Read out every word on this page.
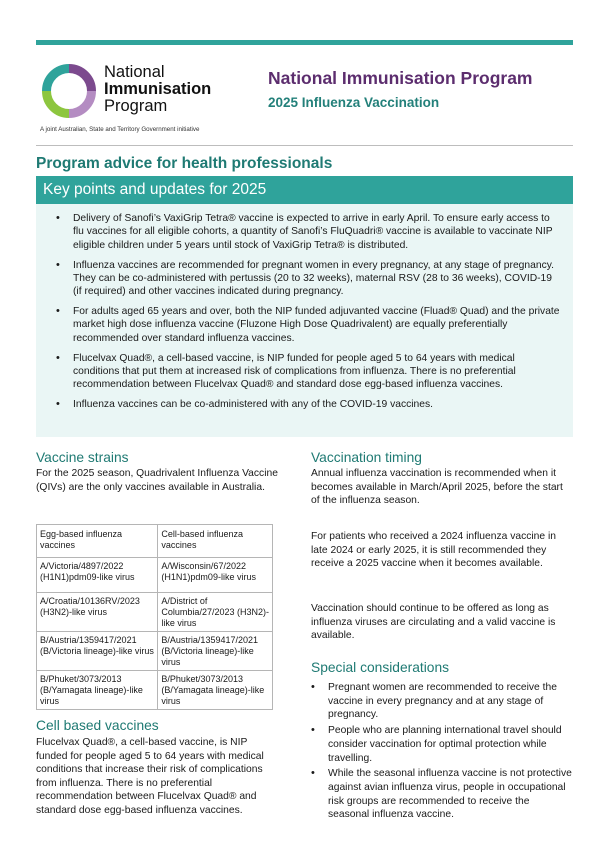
National
Immunisation
Program
A joint Australian, State and Territory Government initiative
National Immunisation Program
2025 Influenza Vaccination
Program advice for health professionals
Key points and updates for 2025
• Delivery of Sanofi’s VaxiGrip Tetra® vaccine is expected to arrive in early April. To ensure early access to flu vaccines for all eligible cohorts, a quantity of Sanofi’s FluQuadri® vaccine is available to vaccinate NIP eligible children under 5 years until stock of VaxiGrip Tetra® is distributed.
• Influenza vaccines are recommended for pregnant women in every pregnancy, at any stage of pregnancy. They can be co-administered with pertussis (20 to 32 weeks), maternal RSV (28 to 36 weeks), COVID-19 (if required) and other vaccines indicated during pregnancy.
• For adults aged 65 years and over, both the NIP funded adjuvanted vaccine (Fluad® Quad) and the private market high dose influenza vaccine (Fluzone High Dose Quadrivalent) are equally preferentially recommended over standard influenza vaccines.
• Flucelvax Quad®, a cell-based vaccine, is NIP funded for people aged 5 to 64 years with medical conditions that put them at increased risk of complications from influenza. There is no preferential recommendation between Flucelvax Quad® and standard dose egg-based influenza vaccines.
• Influenza vaccines can be co-administered with any of the COVID-19 vaccines.
Vaccine strains
For the 2025 season, Quadrivalent Influenza Vaccine (QIVs) are the only vaccines available in Australia.
Egg-based influenza vaccines	Cell-based influenza vaccines
A/Victoria/4897/2022 (H1N1)pdm09-like virus	A/Wisconsin/67/2022 (H1N1)pdm09-like virus
A/Croatia/10136RV/2023 (H3N2)-like virus	A/District of Columbia/27/2023 (H3N2)-like virus
B/Austria/1359417/2021 (B/Victoria lineage)-like virus	B/Austria/1359417/2021 (B/Victoria lineage)-like virus
B/Phuket/3073/2013 (B/Yamagata lineage)-like virus	B/Phuket/3073/2013 (B/Yamagata lineage)-like virus
Cell based vaccines
Flucelvax Quad®, a cell-based vaccine, is NIP funded for people aged 5 to 64 years with medical conditions that increase their risk of complications from influenza. There is no preferential recommendation between Flucelvax Quad® and standard dose egg-based influenza vaccines.
Vaccination timing
Annual influenza vaccination is recommended when it becomes available in March/April 2025, before the start of the influenza season.
For patients who received a 2024 influenza vaccine in late 2024 or early 2025, it is still recommended they receive a 2025 vaccine when it becomes available.
Vaccination should continue to be offered as long as influenza viruses are circulating and a valid vaccine is available.
Special considerations
• Pregnant women are recommended to receive the vaccine in every pregnancy and at any stage of pregnancy.
• People who are planning international travel should consider vaccination for optimal protection while travelling.
• While the seasonal influenza vaccine is not protective against avian influenza virus, people in occupational risk groups are recommended to receive the seasonal influenza vaccine.
